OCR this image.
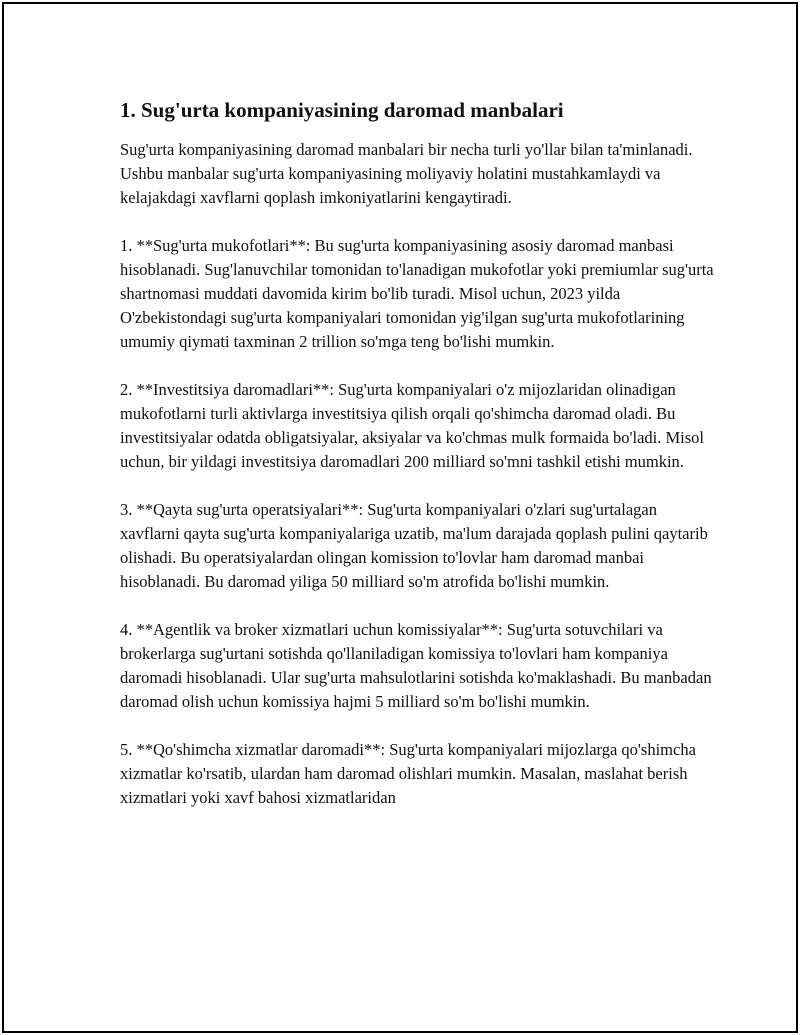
1. Sug'urta kompaniyasining daromad manbalari

Sug'urta kompaniyasining daromad manbalari bir necha turli yo'llar bilan ta'minlanadi. Ushbu manbalar sug'urta kompaniyasining moliyaviy holatini mustahkamlaydi va kelajakdagi xavflarni qoplash imkoniyatlarini kengaytiradi.

1. **Sug'urta mukofotlari**: Bu sug'urta kompaniyasining asosiy daromad manbasi hisoblanadi. Sug'lanuvchilar tomonidan to'lanadigan mukofotlar yoki premiumlar sug'urta shartnomasi muddati davomida kirim bo'lib turadi. Misol uchun, 2023 yilda O'zbekistondagi sug'urta kompaniyalari tomonidan yig'ilgan sug'urta mukofotlarining umumiy qiymati taxminan 2 trillion so'mga teng bo'lishi mumkin.

2. **Investitsiya daromadlari**: Sug'urta kompaniyalari o'z mijozlaridan olinadigan mukofotlarni turli aktivlarga investitsiya qilish orqali qo'shimcha daromad oladi. Bu investitsiyalar odatda obligatsiyalar, aksiyalar va ko'chmas mulk formaida bo'ladi. Misol uchun, bir yildagi investitsiya daromadlari 200 milliard so'mni tashkil etishi mumkin.

3. **Qayta sug'urta operatsiyalari**: Sug'urta kompaniyalari o'zlari sug'urtalagan xavflarni qayta sug'urta kompaniyalariga uzatib, ma'lum darajada qoplash pulini qaytarib olishadi. Bu operatsiyalardan olingan komission to'lovlar ham daromad manbai hisoblanadi. Bu daromad yiliga 50 milliard so'm atrofida bo'lishi mumkin.

4. **Agentlik va broker xizmatlari uchun komissiyalar**: Sug'urta sotuvchilari va brokerlarga sug'urtani sotishda qo'llaniladigan komissiya to'lovlari ham kompaniya daromadi hisoblanadi. Ular sug'urta mahsulotlarini sotishda ko'maklashadi. Bu manbadan daromad olish uchun komissiya hajmi 5 milliard so'm bo'lishi mumkin.

5. **Qo'shimcha xizmatlar daromadi**: Sug'urta kompaniyalari mijozlarga qo'shimcha xizmatlar ko'rsatib, ulardan ham daromad olishlari mumkin. Masalan, maslahat berish xizmatlari yoki xavf bahosi xizmatlaridan
